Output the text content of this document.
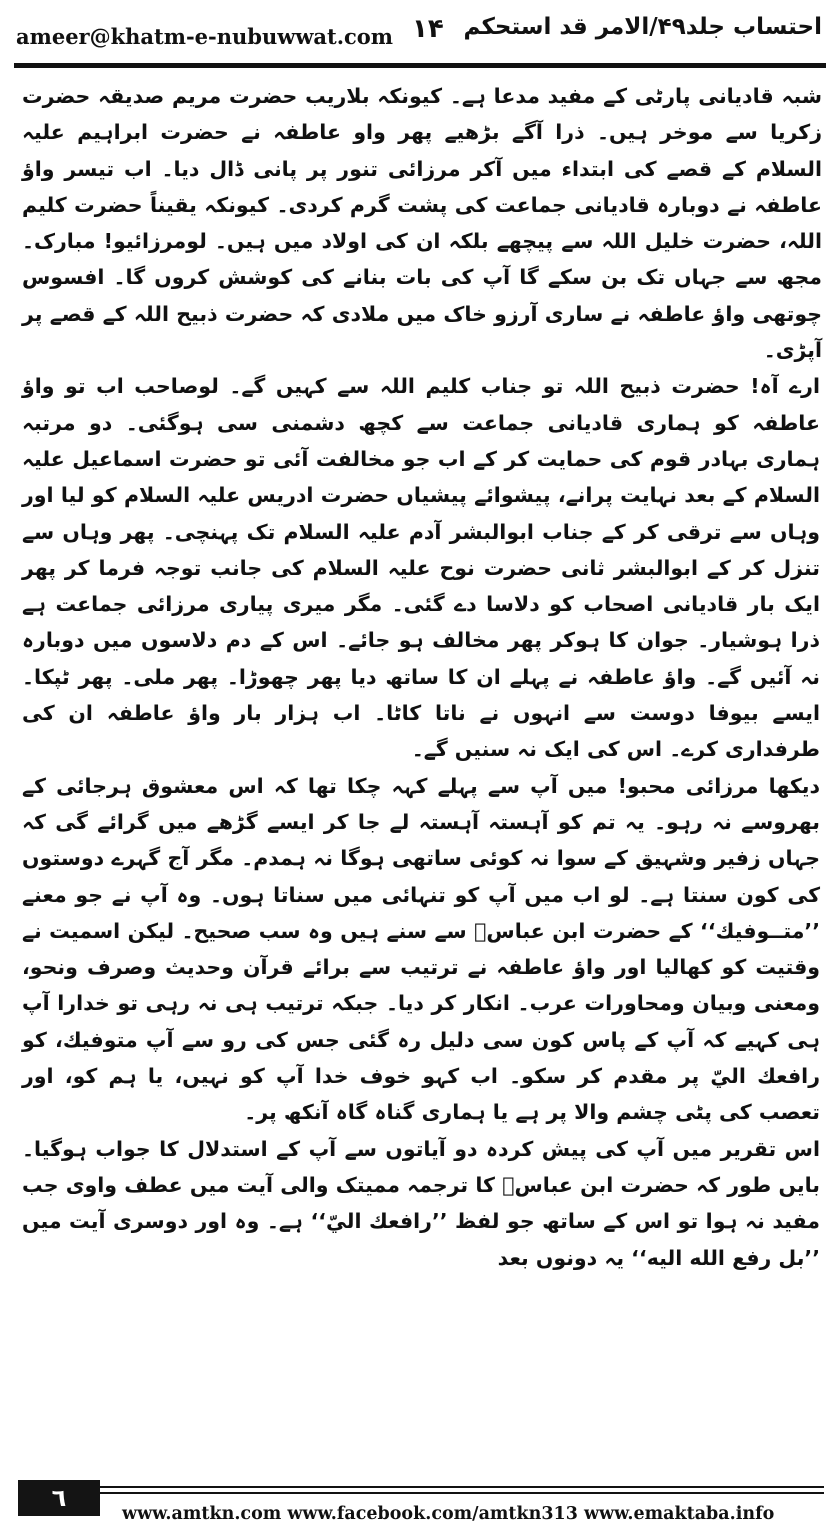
ameer@khatm-e-nubuwwat.com ۱۴ احتساب جلد۴۹/الامر قد استحکم

شبہ قادیانی پارٹی کے مفید مدعا ہے۔ کیونکہ بلاریب حضرت مریم صدیقہ حضرت زکریا سے موخر ہیں۔ ذرا آگے بڑھیے پھر واو عاطفہ نے حضرت ابراہیم علیہ السلام کے قصے کی ابتداء میں آکر مرزائی تنور پر پانی ڈال دیا۔ اب تیسر واؤ عاطفہ نے دوبارہ قادیانی جماعت کی پشت گرم کردی۔ کیونکہ یقیناً حضرت کلیم اللہ، حضرت خلیل اللہ سے پیچھے بلکہ ان کی اولاد میں ہیں۔ لومرزائیو! مبارک۔ مجھ سے جہاں تک بن سکے گا آپ کی بات بنانے کی کوشش کروں گا۔ افسوس چوتھی واؤ عاطفہ نے ساری آرزو خاک میں ملادی کہ حضرت ذبیح اللہ کے قصے پر آپڑی۔

ارے آہ! حضرت ذبیح اللہ تو جناب کلیم اللہ سے کہیں گے۔ لوصاحب اب تو واؤ عاطفہ کو ہماری قادیانی جماعت سے کچھ دشمنی سی ہوگئی۔ دو مرتبہ ہماری بہادر قوم کی حمایت کر کے اب جو مخالفت آئی تو حضرت اسماعیل علیہ السلام کے بعد نہایت پرانے، پیشوائے پیشیاں حضرت ادریس علیہ السلام کو لیا اور وہاں سے ترقی کر کے جناب ابوالبشر آدم علیہ السلام تک پہنچی۔ پھر وہاں سے تنزل کر کے ابوالبشر ثانی حضرت نوح علیہ السلام کی جانب توجہ فرما کر پھر ایک بار قادیانی اصحاب کو دلاسا دے گئی۔ مگر میری پیاری مرزائی جماعت ہے ذرا ہوشیار۔ جوان کا ہوکر پھر مخالف ہو جائے۔ اس کے دم دلاسوں میں دوبارہ نہ آئیں گے۔ واؤ عاطفہ نے پہلے ان کا ساتھ دیا پھر چھوڑا۔ پھر ملی۔ پھر ٹپکا۔ ایسے بیوفا دوست سے انہوں نے ناتا کاٹا۔ اب ہزار بار واؤ عاطفہ ان کی طرفداری کرے۔ اس کی ایک نہ سنیں گے۔

دیکھا مرزائی محبو! میں آپ سے پہلے کہہ چکا تھا کہ اس معشوق ہرجائی کے بھروسے نہ رہو۔ یہ تم کو آہستہ آہستہ لے جا کر ایسے گڑھے میں گرائے گی کہ جہاں زفیر وشہیق کے سوا نہ کوئی ساتھی ہوگا نہ ہمدم۔ مگر آج گہرے دوستوں کی کون سنتا ہے۔ لو اب میں آپ کو تنہائی میں سناتا ہوں۔ وہ آپ نے جو معنے ’’متــوفيك‘‘ کے حضرت ابن عباسؓ سے سنے ہیں وہ سب صحیح۔ لیکن اسمیت نے وقتیت کو کھالیا اور واؤ عاطفہ نے ترتیب سے برائے قرآن وحدیث وصرف ونحو، ومعنی وبیان ومحاورات عرب۔ انکار کر دیا۔ جبکہ ترتیب ہی نہ رہی تو خدارا آپ ہی کہیے کہ آپ کے پاس کون سی دلیل رہ گئی جس کی رو سے آپ متوفيك، کو رافعك اليّ پر مقدم کر سکو۔ اب کہو خوف خدا آپ کو نہیں، یا ہم کو، اور تعصب کی پٹی چشم والا پر ہے یا ہماری گناہ گاہ آنکھ پر۔

اس تقریر میں آپ کی پیش کردہ دو آیاتوں سے آپ کے استدلال کا جواب ہوگیا۔ بایں طور کہ حضرت ابن عباسؓ کا ترجمہ ممیتک والی آیت میں عطف واوی جب مفید نہ ہوا تو اس کے ساتھ جو لفظ ’’رافعك اليّ‘‘ ہے۔ وہ اور دوسری آیت میں ’’بل رفع الله اليه‘‘ یہ دونوں بعد

٦
www.amtkn.com www.facebook.com/amtkn313 www.emaktaba.info
